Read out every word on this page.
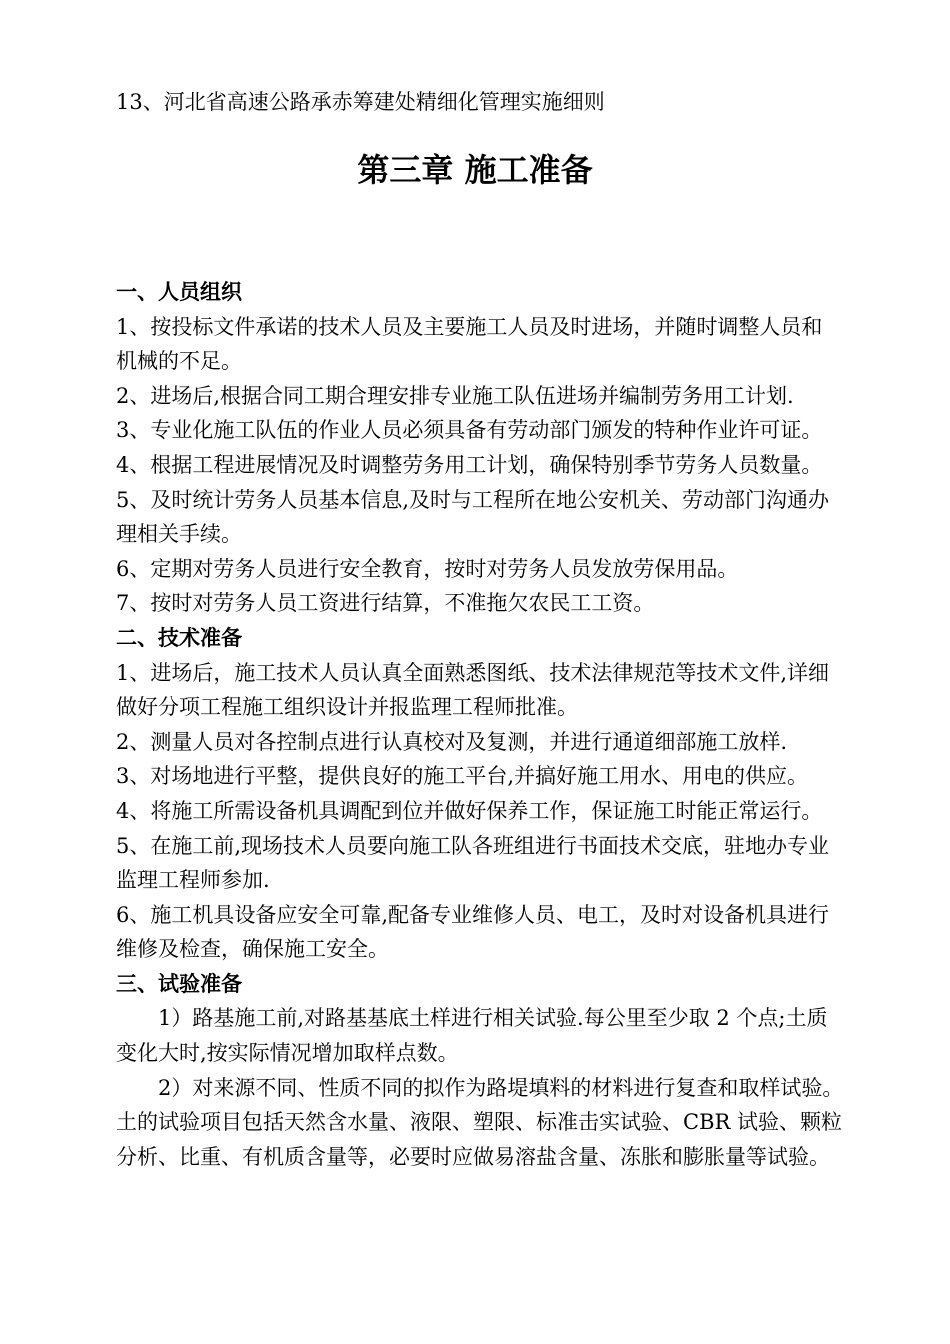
13、河北省高速公路承赤筹建处精细化管理实施细则
第三章 施工准备
一、人员组织
1、按投标文件承诺的技术人员及主要施工人员及时进场，并随时调整人员和
机械的不足。
2、进场后,根据合同工期合理安排专业施工队伍进场并编制劳务用工计划.
3、专业化施工队伍的作业人员必须具备有劳动部门颁发的特种作业许可证。
4、根据工程进展情况及时调整劳务用工计划，确保特别季节劳务人员数量。
5、及时统计劳务人员基本信息,及时与工程所在地公安机关、劳动部门沟通办
理相关手续。
6、定期对劳务人员进行安全教育，按时对劳务人员发放劳保用品。
7、按时对劳务人员工资进行结算，不准拖欠农民工工资。
二、技术准备
1、进场后，施工技术人员认真全面熟悉图纸、技术法律规范等技术文件,详细
做好分项工程施工组织设计并报监理工程师批准。
2、测量人员对各控制点进行认真校对及复测，并进行通道细部施工放样.
3、对场地进行平整，提供良好的施工平台,并搞好施工用水、用电的供应。
4、将施工所需设备机具调配到位并做好保养工作，保证施工时能正常运行。
5、在施工前,现场技术人员要向施工队各班组进行书面技术交底，驻地办专业
监理工程师参加.
6、施工机具设备应安全可靠,配备专业维修人员、电工，及时对设备机具进行
维修及检查，确保施工安全。
三、试验准备
1）路基施工前,对路基基底土样进行相关试验.每公里至少取 2 个点;土质
变化大时,按实际情况增加取样点数。
2）对来源不同、性质不同的拟作为路堤填料的材料进行复查和取样试验。
土的试验项目包括天然含水量、液限、塑限、标准击实试验、CBR 试验、颗粒
分析、比重、有机质含量等，必要时应做易溶盐含量、冻胀和膨胀量等试验。
